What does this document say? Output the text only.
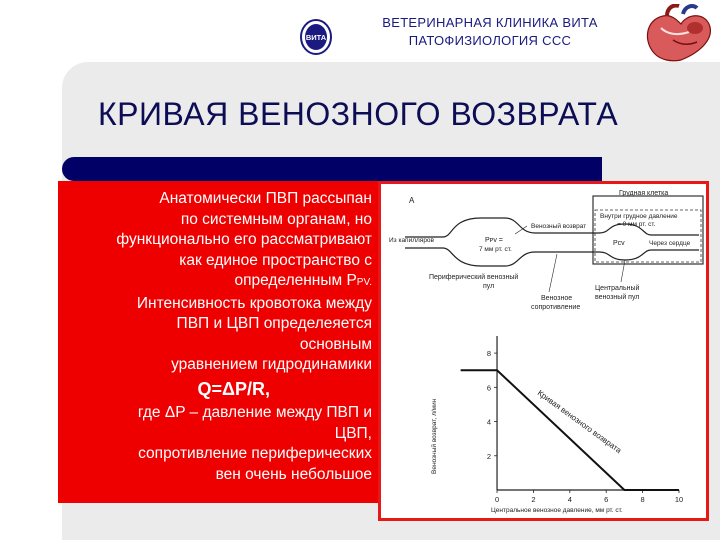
ВИТА
ВЕТЕРИНАРНАЯ КЛИНИКА ВИТА
ПАТОФИЗИОЛОГИЯ ССС
КРИВАЯ ВЕНОЗНОГО ВОЗВРАТА
Анатомически ПВП рассыпан
по системным органам, но
функционально его рассматривают
как единое пространство с
определенным PPV.
Интенсивность кровотока между
ПВП и ЦВП определеяется
основным
уравнением гидродинамики
Q=ΔP/R,
где ΔP – давление между ПВП и
ЦВП,
сопротивление периферических
вен очень небольшое
A
Грудная клетка
Внутри грудное давление
= 0 мм рт. ст.
Венозный возврат
Из капилляров	Pᴘᴠ =
7 мм рт. ст.
Pᴄᴠ	Через сердце
Периферический венозный
пул
Венозное
сопротивление
Центральный
венозный пул
Венозный возврат, л/мин
Центральное венозное давление, мм рт. ст.
Кривая венозного возврата
0	2	4	6	8	10
2
4
6
8
